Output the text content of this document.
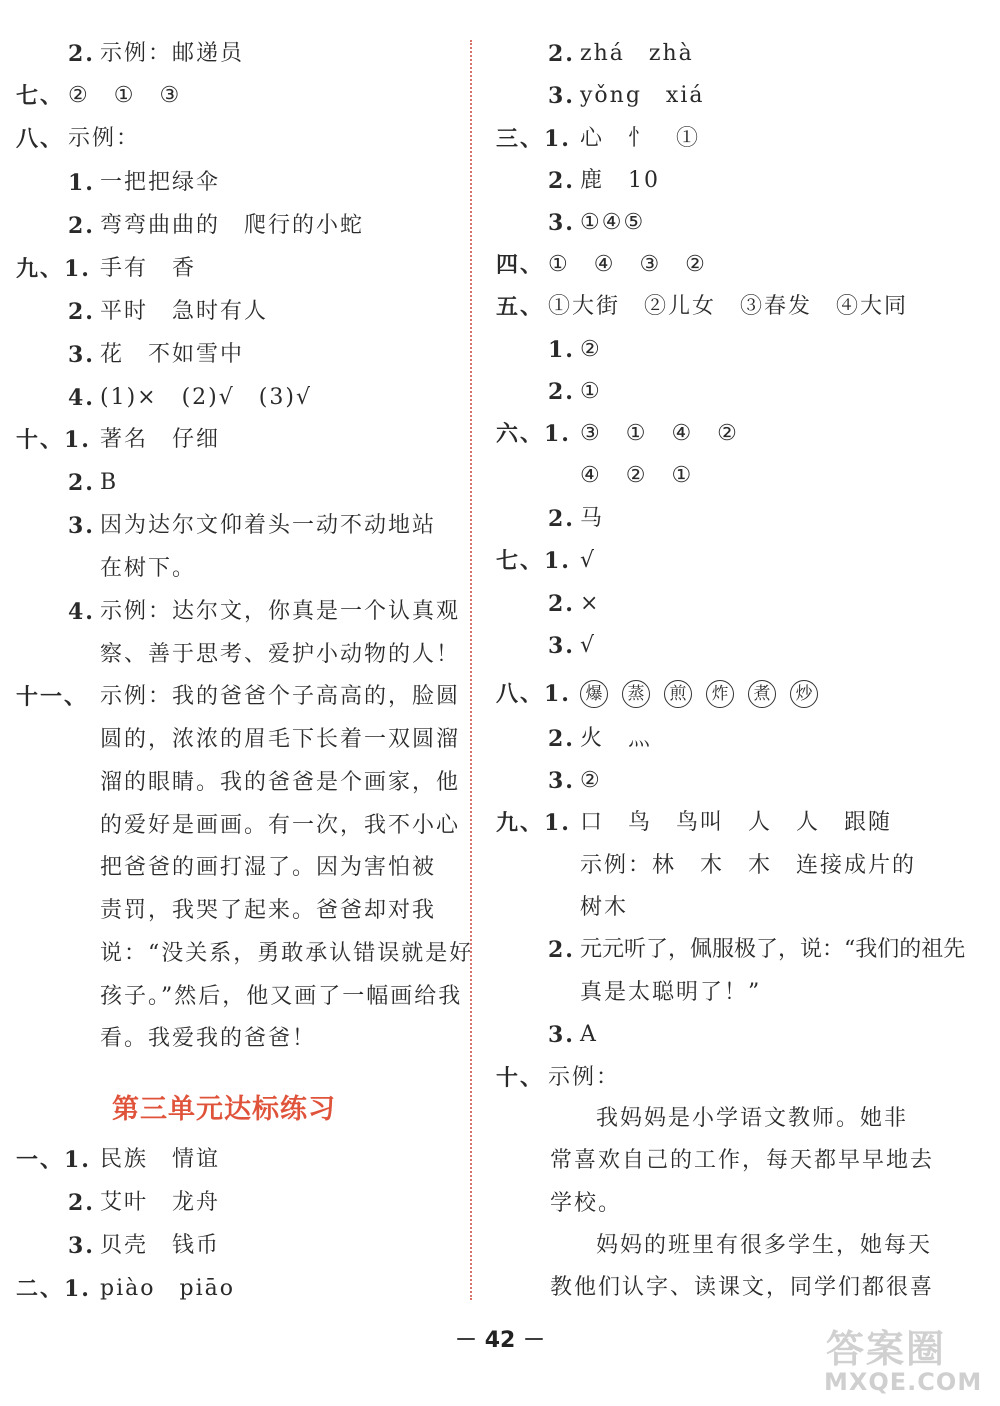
2. 示例：邮递员
七、 ②　①　③
八、 示例：
1. 一把把绿伞
2. 弯弯曲曲的　爬行的小蛇
九、1. 手有　香
2. 平时　急时有人
3. 花　不如雪中
4. (1)×　(2)√　(3)√
十、1. 著名　仔细
2. B
3. 因为达尔文仰着头一动不动地站
在树下。
4. 示例：达尔文，你真是一个认真观
察、善于思考、爱护小动物的人！
十一、 示例：我的爸爸个子高高的，脸圆
圆的，浓浓的眉毛下长着一双圆溜
溜的眼睛。我的爸爸是个画家，他
的爱好是画画。有一次，我不小心
把爸爸的画打湿了。因为害怕被
责罚，我哭了起来。爸爸却对我
说：“没关系，勇敢承认错误就是好
孩子。”然后，他又画了一幅画给我
看。我爱我的爸爸！
第三单元达标练习
一、1. 民族　情谊
2. 艾叶　龙舟
3. 贝壳　钱币
二、1. piào　piāo
2. zhá　zhà
3. yǒng　xiá
三、1. 心　忄　①
2. 鹿　10
3. ①④⑤
四、 ①　④　③　②
五、 ①大街　②儿女　③春发　④大同
1. ②
2. ①
六、1. ③　①　④　②
④　②　①
2. 马
七、1. √
2. ×
3. √
八、1. 爆 蒸 煎 炸 煮 炒
2. 火　灬
3. ②
九、1. 口　鸟　鸟叫　人　人　跟随
示例：林　木　木　连接成片的
树木
2. 元元听了，佩服极了，说：“我们的祖先
真是太聪明了！”
3. A
十、 示例：
我妈妈是小学语文教师。她非
常喜欢自己的工作，每天都早早地去
学校。
妈妈的班里有很多学生，她每天
教他们认字、读课文，同学们都很喜
－ 42 －	答案圈
MXQE.COM
